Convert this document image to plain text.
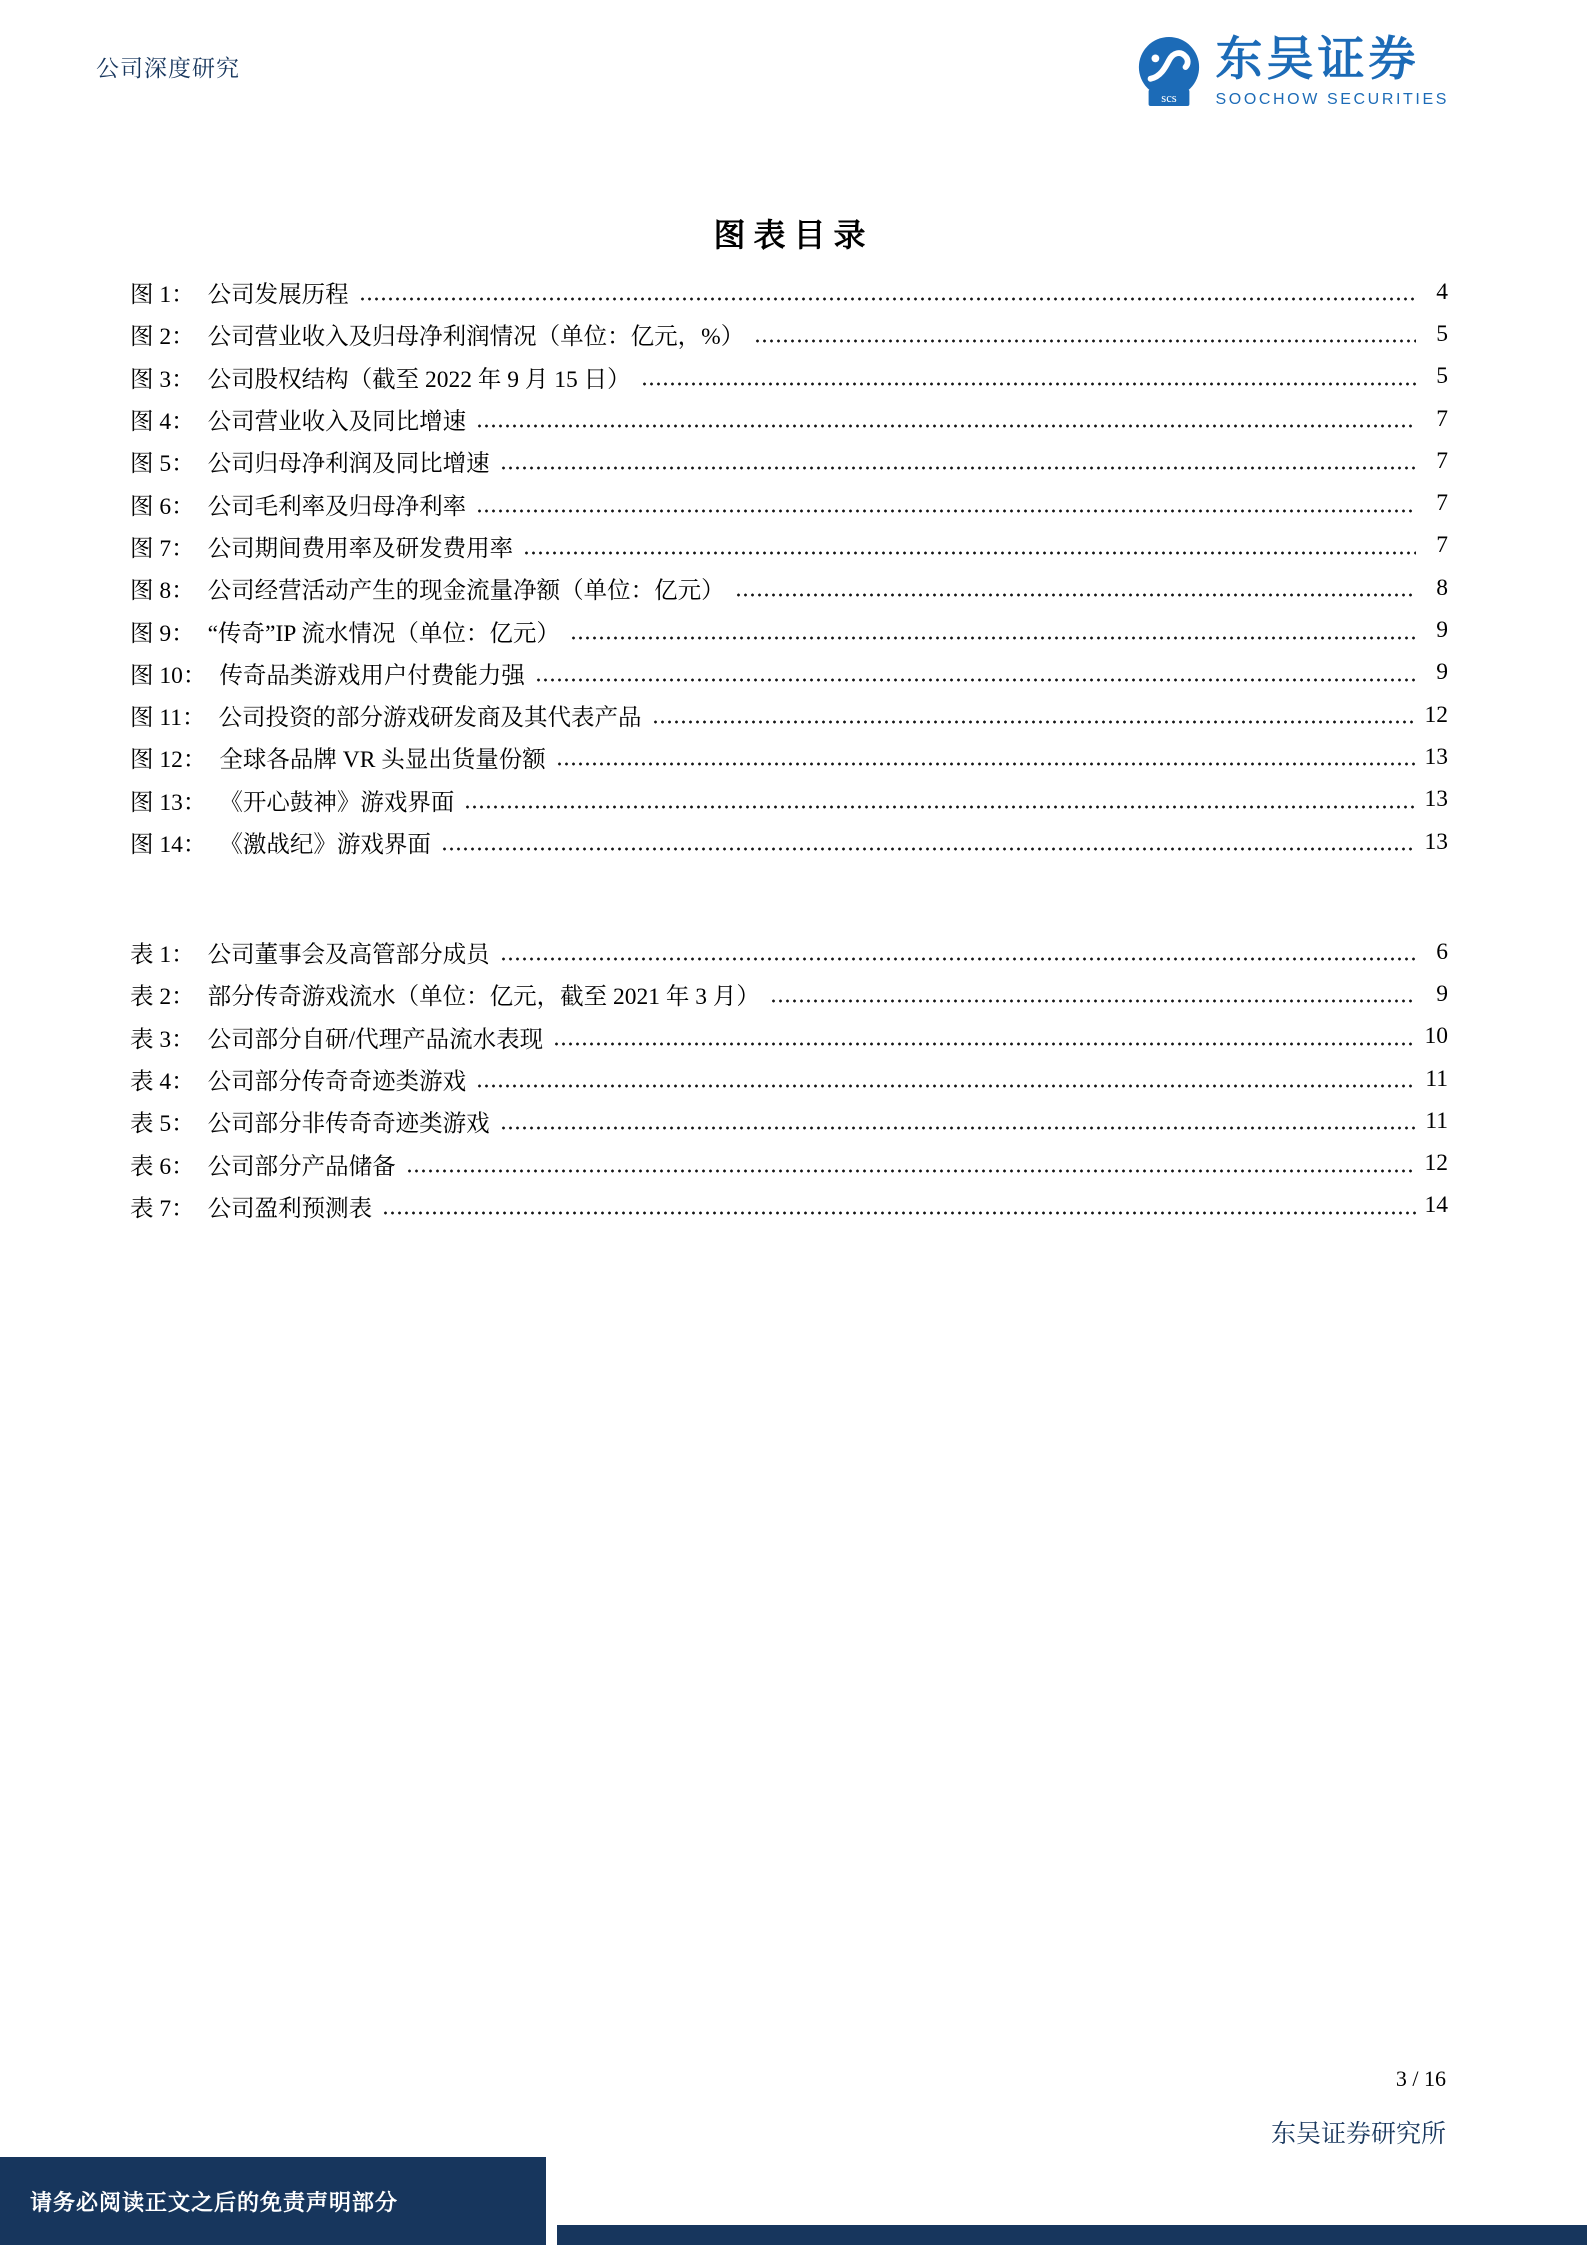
公司深度研究
scs
东吴证券
SOOCHOW SECURITIES
图表目录
图 1： 公司发展历程	4
图 2： 公司营业收入及归母净利润情况（单位：亿元，%）	5
图 3： 公司股权结构（截至 2022 年 9 月 15 日）	5
图 4： 公司营业收入及同比增速	7
图 5： 公司归母净利润及同比增速	7
图 6： 公司毛利率及归母净利率	7
图 7： 公司期间费用率及研发费用率	7
图 8： 公司经营活动产生的现金流量净额（单位：亿元）	8
图 9： “传奇”IP 流水情况（单位：亿元）	9
图 10： 传奇品类游戏用户付费能力强	9
图 11： 公司投资的部分游戏研发商及其代表产品	12
图 12： 全球各品牌 VR 头显出货量份额	13
图 13： 《开心鼓神》游戏界面	13
图 14： 《激战纪》游戏界面	13
表 1： 公司董事会及高管部分成员	6
表 2： 部分传奇游戏流水（单位：亿元，截至 2021 年 3 月）	9
表 3： 公司部分自研/代理产品流水表现	10
表 4： 公司部分传奇奇迹类游戏	11
表 5： 公司部分非传奇奇迹类游戏	11
表 6： 公司部分产品储备	12
表 7： 公司盈利预测表	14
3 / 16
东吴证券研究所
请务必阅读正文之后的免责声明部分
